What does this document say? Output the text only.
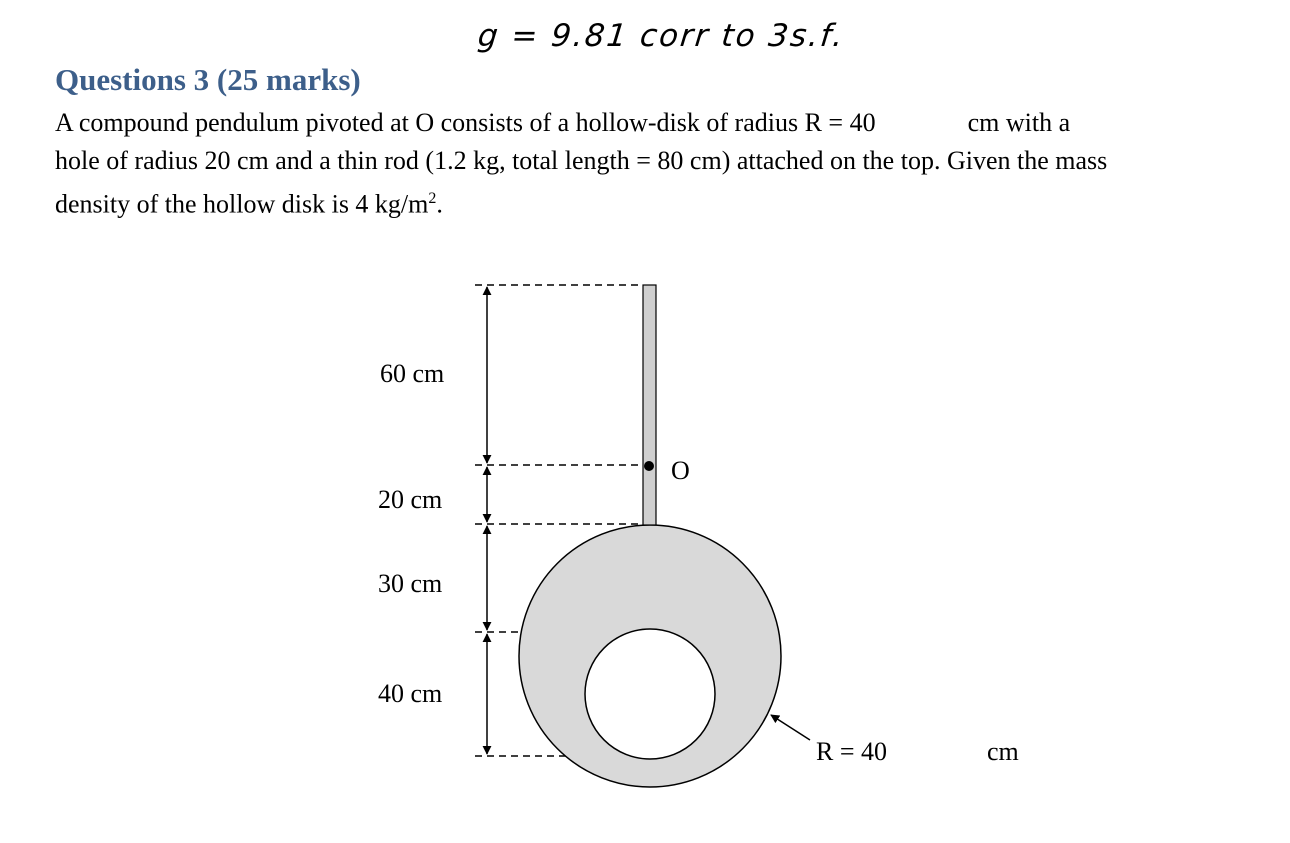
g = 9.81 corr to 3s.f.
Questions 3 (25 marks)

A compound pendulum pivoted at O consists of a hollow-disk of radius R = 40	cm with a
hole of radius 20 cm and a thin rod (1.2 kg, total length = 80 cm) attached on the top. Given the mass
density of the hollow disk is 4 $kg/m^2$.

60 cm
20 cm
30 cm
40 cm
O
R = 40	cm
